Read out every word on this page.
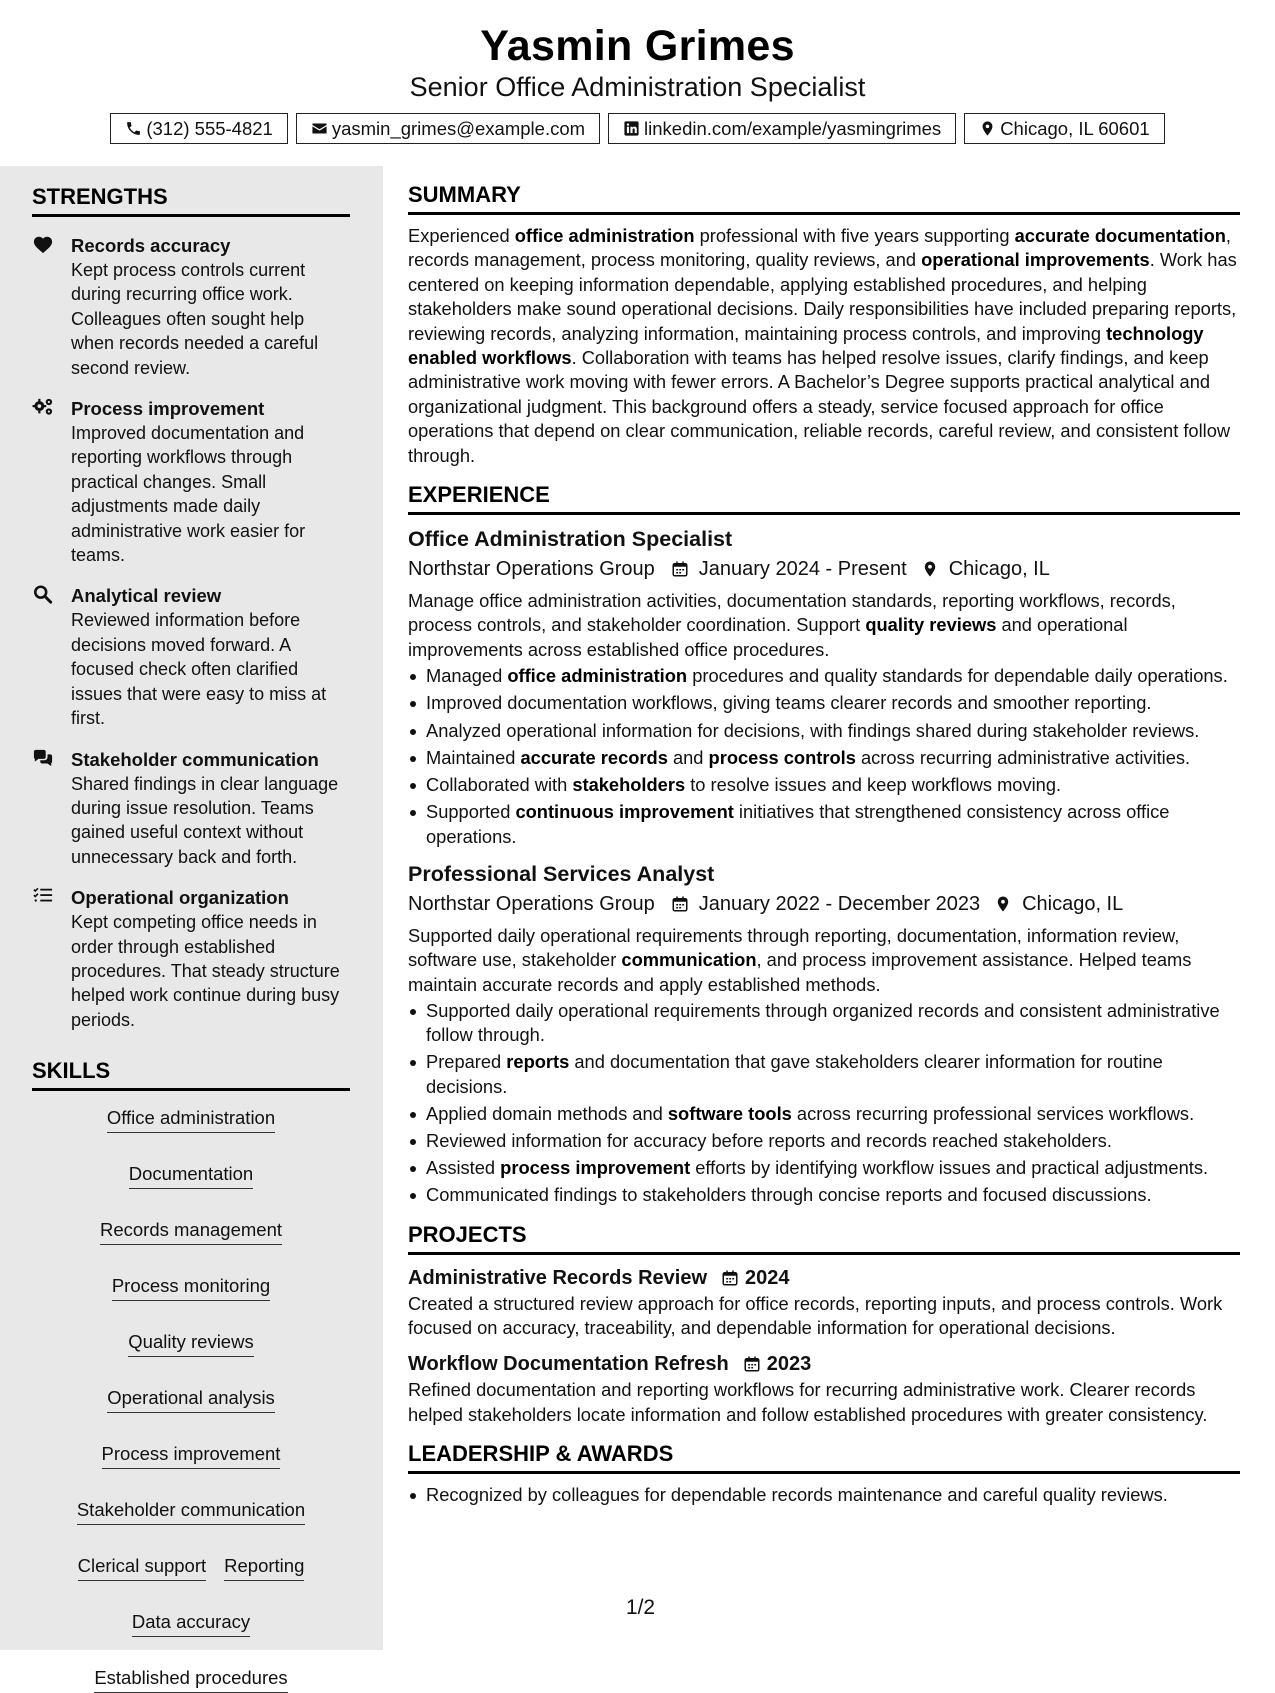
Yasmin Grimes
Senior Office Administration Specialist
(312) 555-4821	yasmin_grimes@example.com	linkedin.com/example/yasmingrimes	Chicago, IL 60601
STRENGTHS
Records accuracy
Kept process controls current during recurring office work. Colleagues often sought help when records needed a careful second review.
Process improvement
Improved documentation and reporting workflows through practical changes. Small adjustments made daily administrative work easier for teams.
Analytical review
Reviewed information before decisions moved forward. A focused check often clarified issues that were easy to miss at first.
Stakeholder communication
Shared findings in clear language during issue resolution. Teams gained useful context without unnecessary back and forth.
Operational organization
Kept competing office needs in order through established procedures. That steady structure helped work continue during busy periods.
SKILLS
Office administration
Documentation
Records management
Process monitoring
Quality reviews
Operational analysis
Process improvement
Stakeholder communication
Clerical support Reporting
Data accuracy
Established procedures
SUMMARY
Experienced office administration professional with five years supporting accurate documentation, records management, process monitoring, quality reviews, and operational improvements. Work has centered on keeping information dependable, applying established procedures, and helping stakeholders make sound operational decisions. Daily responsibilities have included preparing reports, reviewing records, analyzing information, maintaining process controls, and improving technology enabled workflows. Collaboration with teams has helped resolve issues, clarify findings, and keep administrative work moving with fewer errors. A Bachelor’s Degree supports practical analytical and organizational judgment. This background offers a steady, service focused approach for office operations that depend on clear communication, reliable records, careful review, and consistent follow through.
EXPERIENCE
Office Administration Specialist
Northstar Operations Group January 2024 - Present Chicago, IL
Manage office administration activities, documentation standards, reporting workflows, records, process controls, and stakeholder coordination. Support quality reviews and operational improvements across established office procedures.
Managed office administration procedures and quality standards for dependable daily operations.
Improved documentation workflows, giving teams clearer records and smoother reporting.
Analyzed operational information for decisions, with findings shared during stakeholder reviews.
Maintained accurate records and process controls across recurring administrative activities.
Collaborated with stakeholders to resolve issues and keep workflows moving.
Supported continuous improvement initiatives that strengthened consistency across office operations.
Professional Services Analyst
Northstar Operations Group January 2022 - December 2023 Chicago, IL
Supported daily operational requirements through reporting, documentation, information review, software use, stakeholder communication, and process improvement assistance. Helped teams maintain accurate records and apply established methods.
Supported daily operational requirements through organized records and consistent administrative follow through.
Prepared reports and documentation that gave stakeholders clearer information for routine decisions.
Applied domain methods and software tools across recurring professional services workflows.
Reviewed information for accuracy before reports and records reached stakeholders.
Assisted process improvement efforts by identifying workflow issues and practical adjustments.
Communicated findings to stakeholders through concise reports and focused discussions.
PROJECTS
Administrative Records Review 2024
Created a structured review approach for office records, reporting inputs, and process controls. Work focused on accuracy, traceability, and dependable information for operational decisions.
Workflow Documentation Refresh 2023
Refined documentation and reporting workflows for recurring administrative work. Clearer records helped stakeholders locate information and follow established procedures with greater consistency.
LEADERSHIP & AWARDS
Recognized by colleagues for dependable records maintenance and careful quality reviews.
1/2
